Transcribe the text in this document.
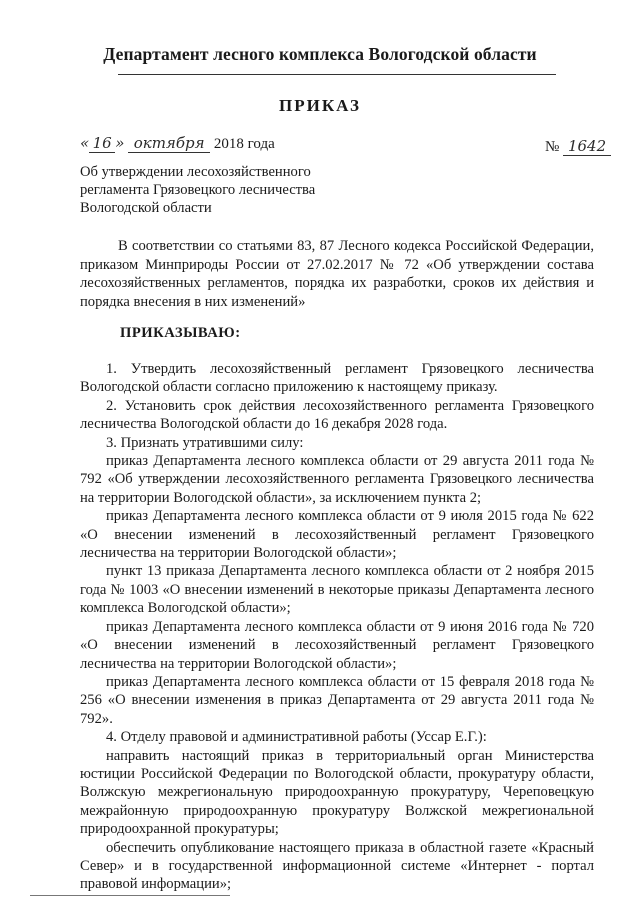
Департамент лесного комплекса Вологодской области
ПРИКАЗ
« 16 » октября 2018 года	№ 1642
Об утверждении лесохозяйственного
регламента Грязовецкого лесничества
Вологодской области
В соответствии со статьями 83, 87 Лесного кодекса Российской Федерации, приказом Минприроды России от 27.02.2017 № 72 «Об утверждении состава лесохозяйственных регламентов, порядка их разработки, сроков их действия и порядка внесения в них изменений»
ПРИКАЗЫВАЮ:

1. Утвердить лесохозяйственный регламент Грязовецкого лесничества Вологодской области согласно приложению к настоящему приказу.

2. Установить срок действия лесохозяйственного регламента Грязовецкого лесничества Вологодской области до 16 декабря 2028 года.

3. Признать утратившими силу:

приказ Департамента лесного комплекса области от 29 августа 2011 года № 792 «Об утверждении лесохозяйственного регламента Грязовецкого лесничества на территории Вологодской области», за исключением пункта 2;

приказ Департамента лесного комплекса области от 9 июля 2015 года № 622 «О внесении изменений в лесохозяйственный регламент Грязовецкого лесничества на территории Вологодской области»;

пункт 13 приказа Департамента лесного комплекса области от 2 ноября 2015 года № 1003 «О внесении изменений в некоторые приказы Департамента лесного комплекса Вологодской области»;

приказ Департамента лесного комплекса области от 9 июня 2016 года № 720 «О внесении изменений в лесохозяйственный регламент Грязовецкого лесничества на территории Вологодской области»;

приказ Департамента лесного комплекса области от 15 февраля 2018 года № 256 «О внесении изменения в приказ Департамента от 29 августа 2011 года № 792».

4. Отделу правовой и административной работы (Уссар Е.Г.):

направить настоящий приказ в территориальный орган Министерства юстиции Российской Федерации по Вологодской области, прокуратуру области, Волжскую межрегиональную природоохранную прокуратуру, Череповецкую межрайонную природоохранную прокуратуру Волжской межрегиональной природоохранной прокуратуры;

обеспечить опубликование настоящего приказа в областной газете «Красный Север» и в государственной информационной системе «Интернет - портал правовой информации»;
